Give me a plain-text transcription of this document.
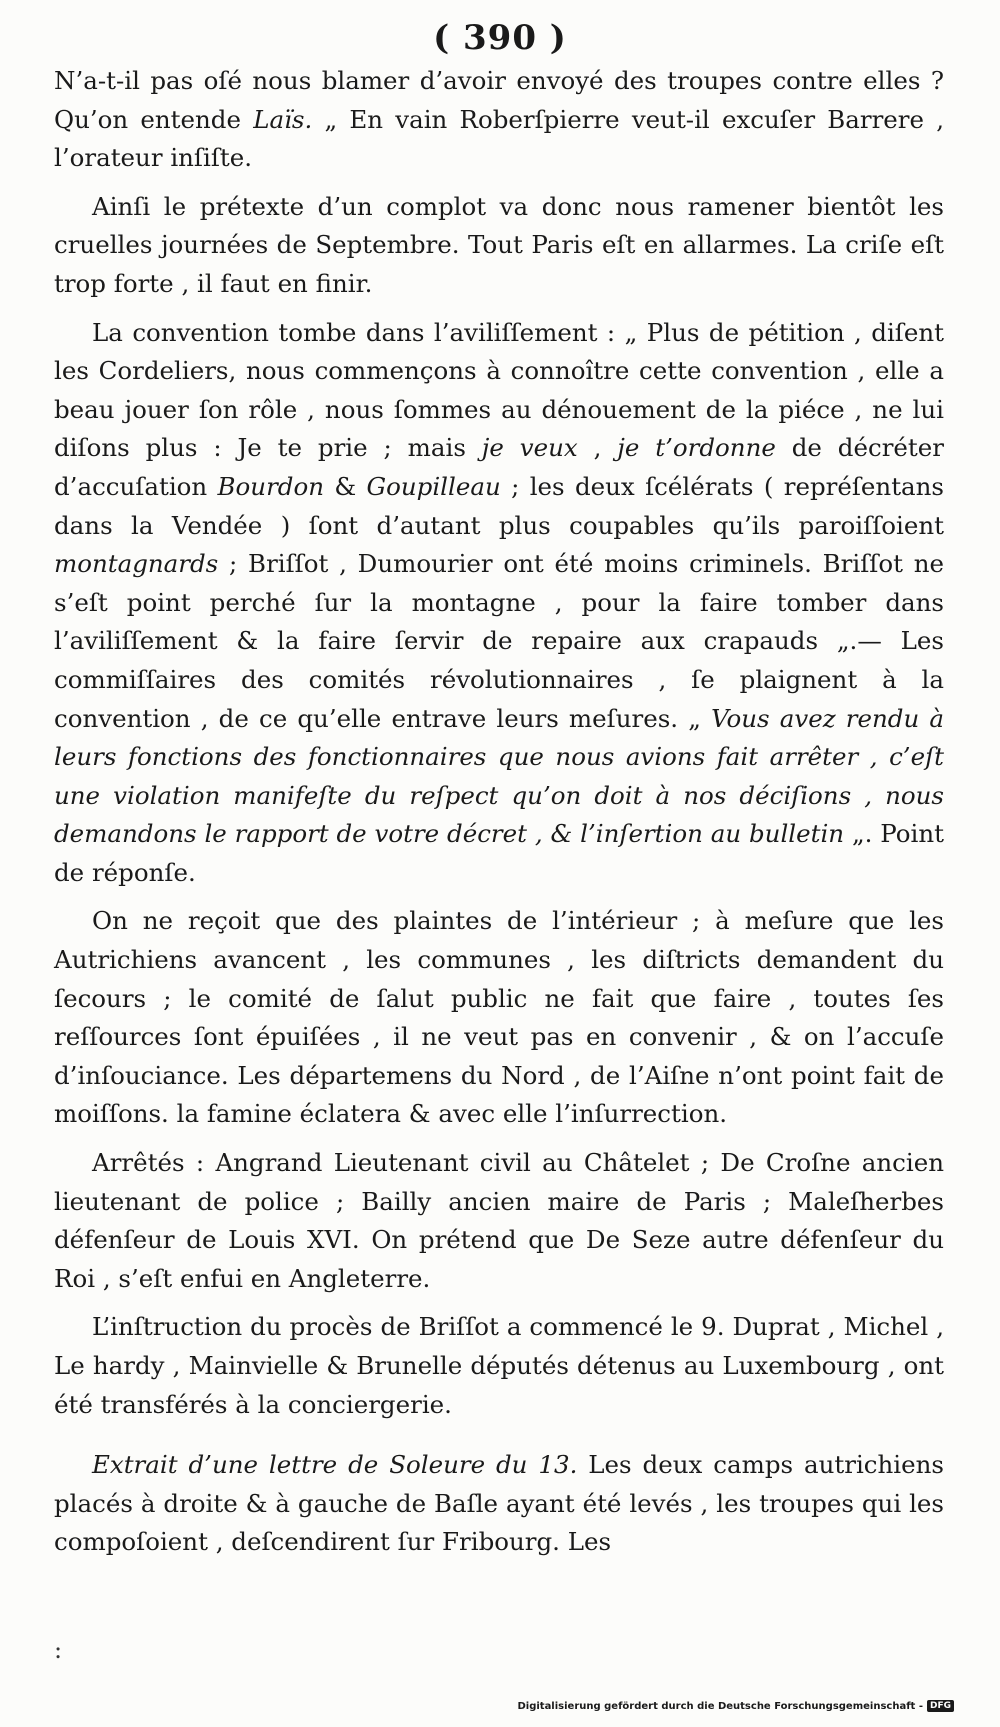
( 390 )

N’a-t-il pas oſé nous blamer d’avoir envoyé des troupes contre elles ? Qu’on entende Laïs. „ En vain Roberſpierre veut-il excuſer Barrere , l’orateur inſiſte.

Ainſi le prétexte d’un complot va donc nous ramener bientôt les cruelles journées de Septembre. Tout Paris eſt en allarmes. La criſe eſt trop forte , il faut en finir.

La convention tombe dans l’aviliſſement : „ Plus de pétition , diſent les Cordeliers, nous commençons à connoître cette convention , elle a beau jouer ſon rôle , nous ſommes au dénouement de la piéce , ne lui diſons plus : Je te prie ; mais je veux , je t’ordonne de décréter d’accuſation Bourdon & Goupilleau ; les deux ſcélérats ( repréſentans dans la Vendée ) ſont d’autant plus coupables qu’ils paroiſſoient montagnards ; Briſſot , Dumourier ont été moins criminels. Briſſot ne s’eſt point perché ſur la montagne , pour la faire tomber dans l’aviliſſement & la faire ſervir de repaire aux crapauds „.— Les commiſſaires des comités révolutionnaires , ſe plaignent à la convention , de ce qu’elle entrave leurs meſures. „ Vous avez rendu à leurs fonctions des fonctionnaires que nous avions fait arrêter , c’eſt une violation manifeſte du reſpect qu’on doit à nos déciſions , nous demandons le rapport de votre décret , & l’inſertion au bulletin „. Point de réponſe.

On ne reçoit que des plaintes de l’intérieur ; à meſure que les Autrichiens avancent , les communes , les diſtricts demandent du ſecours ; le comité de ſalut public ne fait que faire , toutes ſes reſſources ſont épuiſées , il ne veut pas en convenir , & on l’accuſe d’inſouciance. Les départemens du Nord , de l’Aiſne n’ont point fait de moiſſons. la famine éclatera & avec elle l’inſurrection.

Arrêtés : Angrand Lieutenant civil au Châtelet ; De Croſne ancien lieutenant de police ; Bailly ancien maire de Paris ; Maleſherbes défenſeur de Louis XVI. On prétend que De Seze autre défenſeur du Roi , s’eſt enfui en Angleterre.

L’inſtruction du procès de Briſſot a commencé le 9. Duprat , Michel , Le hardy , Mainvielle & Brunelle députés détenus au Luxembourg , ont été transférés à la conciergerie.

Extrait d’une lettre de Soleure du 13. Les deux camps autrichiens placés à droite & à gauche de Baſle ayant été levés , les troupes qui les compoſoient , deſcendirent ſur Fribourg. Les

:
Digitalisierung gefördert durch die Deutsche Forschungsgemeinschaft - DFG
